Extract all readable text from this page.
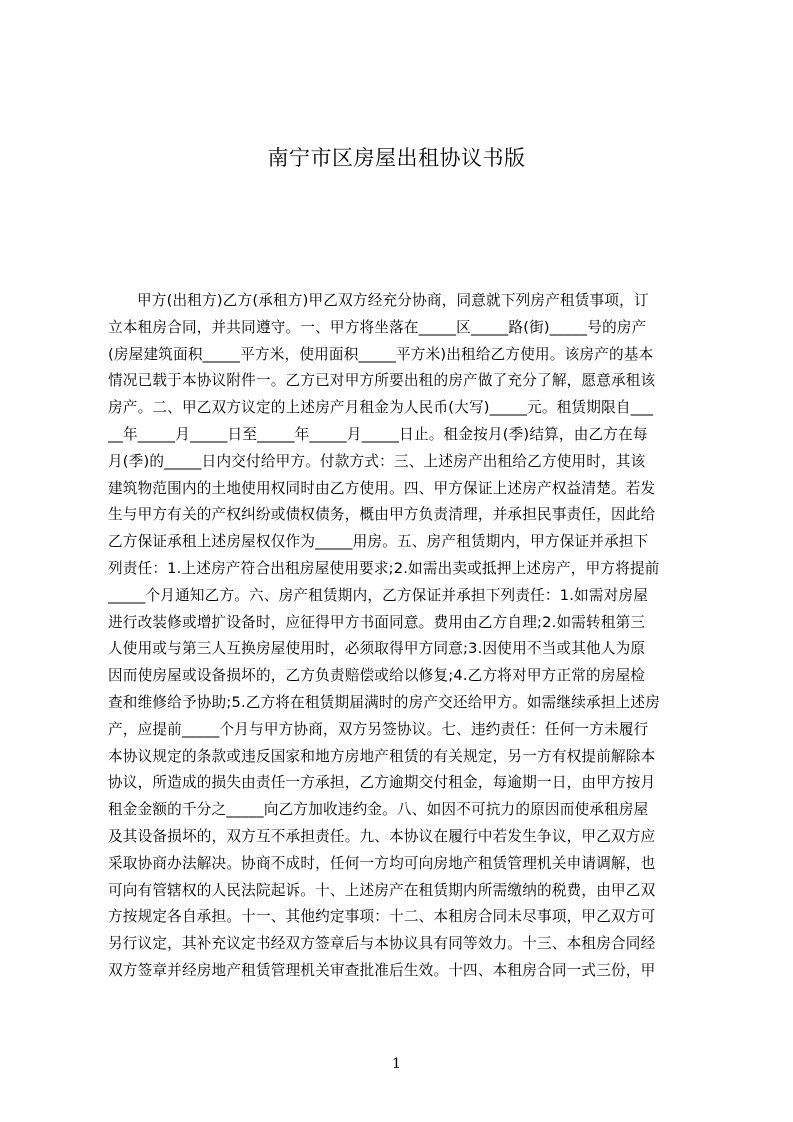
南宁市区房屋出租协议书版
甲方(出租方)乙方(承租方)甲乙双方经充分协商，同意就下列房产租赁事项，订
立本租房合同，并共同遵守。一、甲方将坐落在_____区_____路(街)_____号的房产
(房屋建筑面积_____平方米，使用面积_____平方米)出租给乙方使用。该房产的基本
情况已载于本协议附件一。乙方已对甲方所要出租的房产做了充分了解，愿意承租该
房产。二、甲乙双方议定的上述房产月租金为人民币(大写)_____元。租赁期限自___
__年_____月_____日至_____年_____月_____日止。租金按月(季)结算，由乙方在每
月(季)的_____日内交付给甲方。付款方式：三、上述房产出租给乙方使用时，其该
建筑物范围内的土地使用权同时由乙方使用。四、甲方保证上述房产权益清楚。若发
生与甲方有关的产权纠纷或债权债务，概由甲方负责清理，并承担民事责任，因此给
乙方保证承租上述房屋权仅作为_____用房。五、房产租赁期内，甲方保证并承担下
列责任：1.上述房产符合出租房屋使用要求;2.如需出卖或抵押上述房产，甲方将提前
_____个月通知乙方。六、房产租赁期内，乙方保证并承担下列责任：1.如需对房屋
进行改装修或增扩设备时，应征得甲方书面同意。费用由乙方自理;2.如需转租第三
人使用或与第三人互换房屋使用时，必须取得甲方同意;3.因使用不当或其他人为原
因而使房屋或设备损坏的，乙方负责赔偿或给以修复;4.乙方将对甲方正常的房屋检
查和维修给予协助;5.乙方将在租赁期届满时的房产交还给甲方。如需继续承担上述房
产，应提前_____个月与甲方协商，双方另签协议。七、违约责任：任何一方未履行
本协议规定的条款或违反国家和地方房地产租赁的有关规定，另一方有权提前解除本
协议，所造成的损失由责任一方承担，乙方逾期交付租金，每逾期一日，由甲方按月
租金金额的千分之_____向乙方加收违约金。八、如因不可抗力的原因而使承租房屋
及其设备损坏的，双方互不承担责任。九、本协议在履行中若发生争议，甲乙双方应
采取协商办法解决。协商不成时，任何一方均可向房地产租赁管理机关申请调解，也
可向有管辖权的人民法院起诉。十、上述房产在租赁期内所需缴纳的税费，由甲乙双
方按规定各自承担。十一、其他约定事项：十二、本租房合同未尽事项，甲乙双方可
另行议定，其补充议定书经双方签章后与本协议具有同等效力。十三、本租房合同经
双方签章并经房地产租赁管理机关审查批准后生效。十四、本租房合同一式三份，甲
1
